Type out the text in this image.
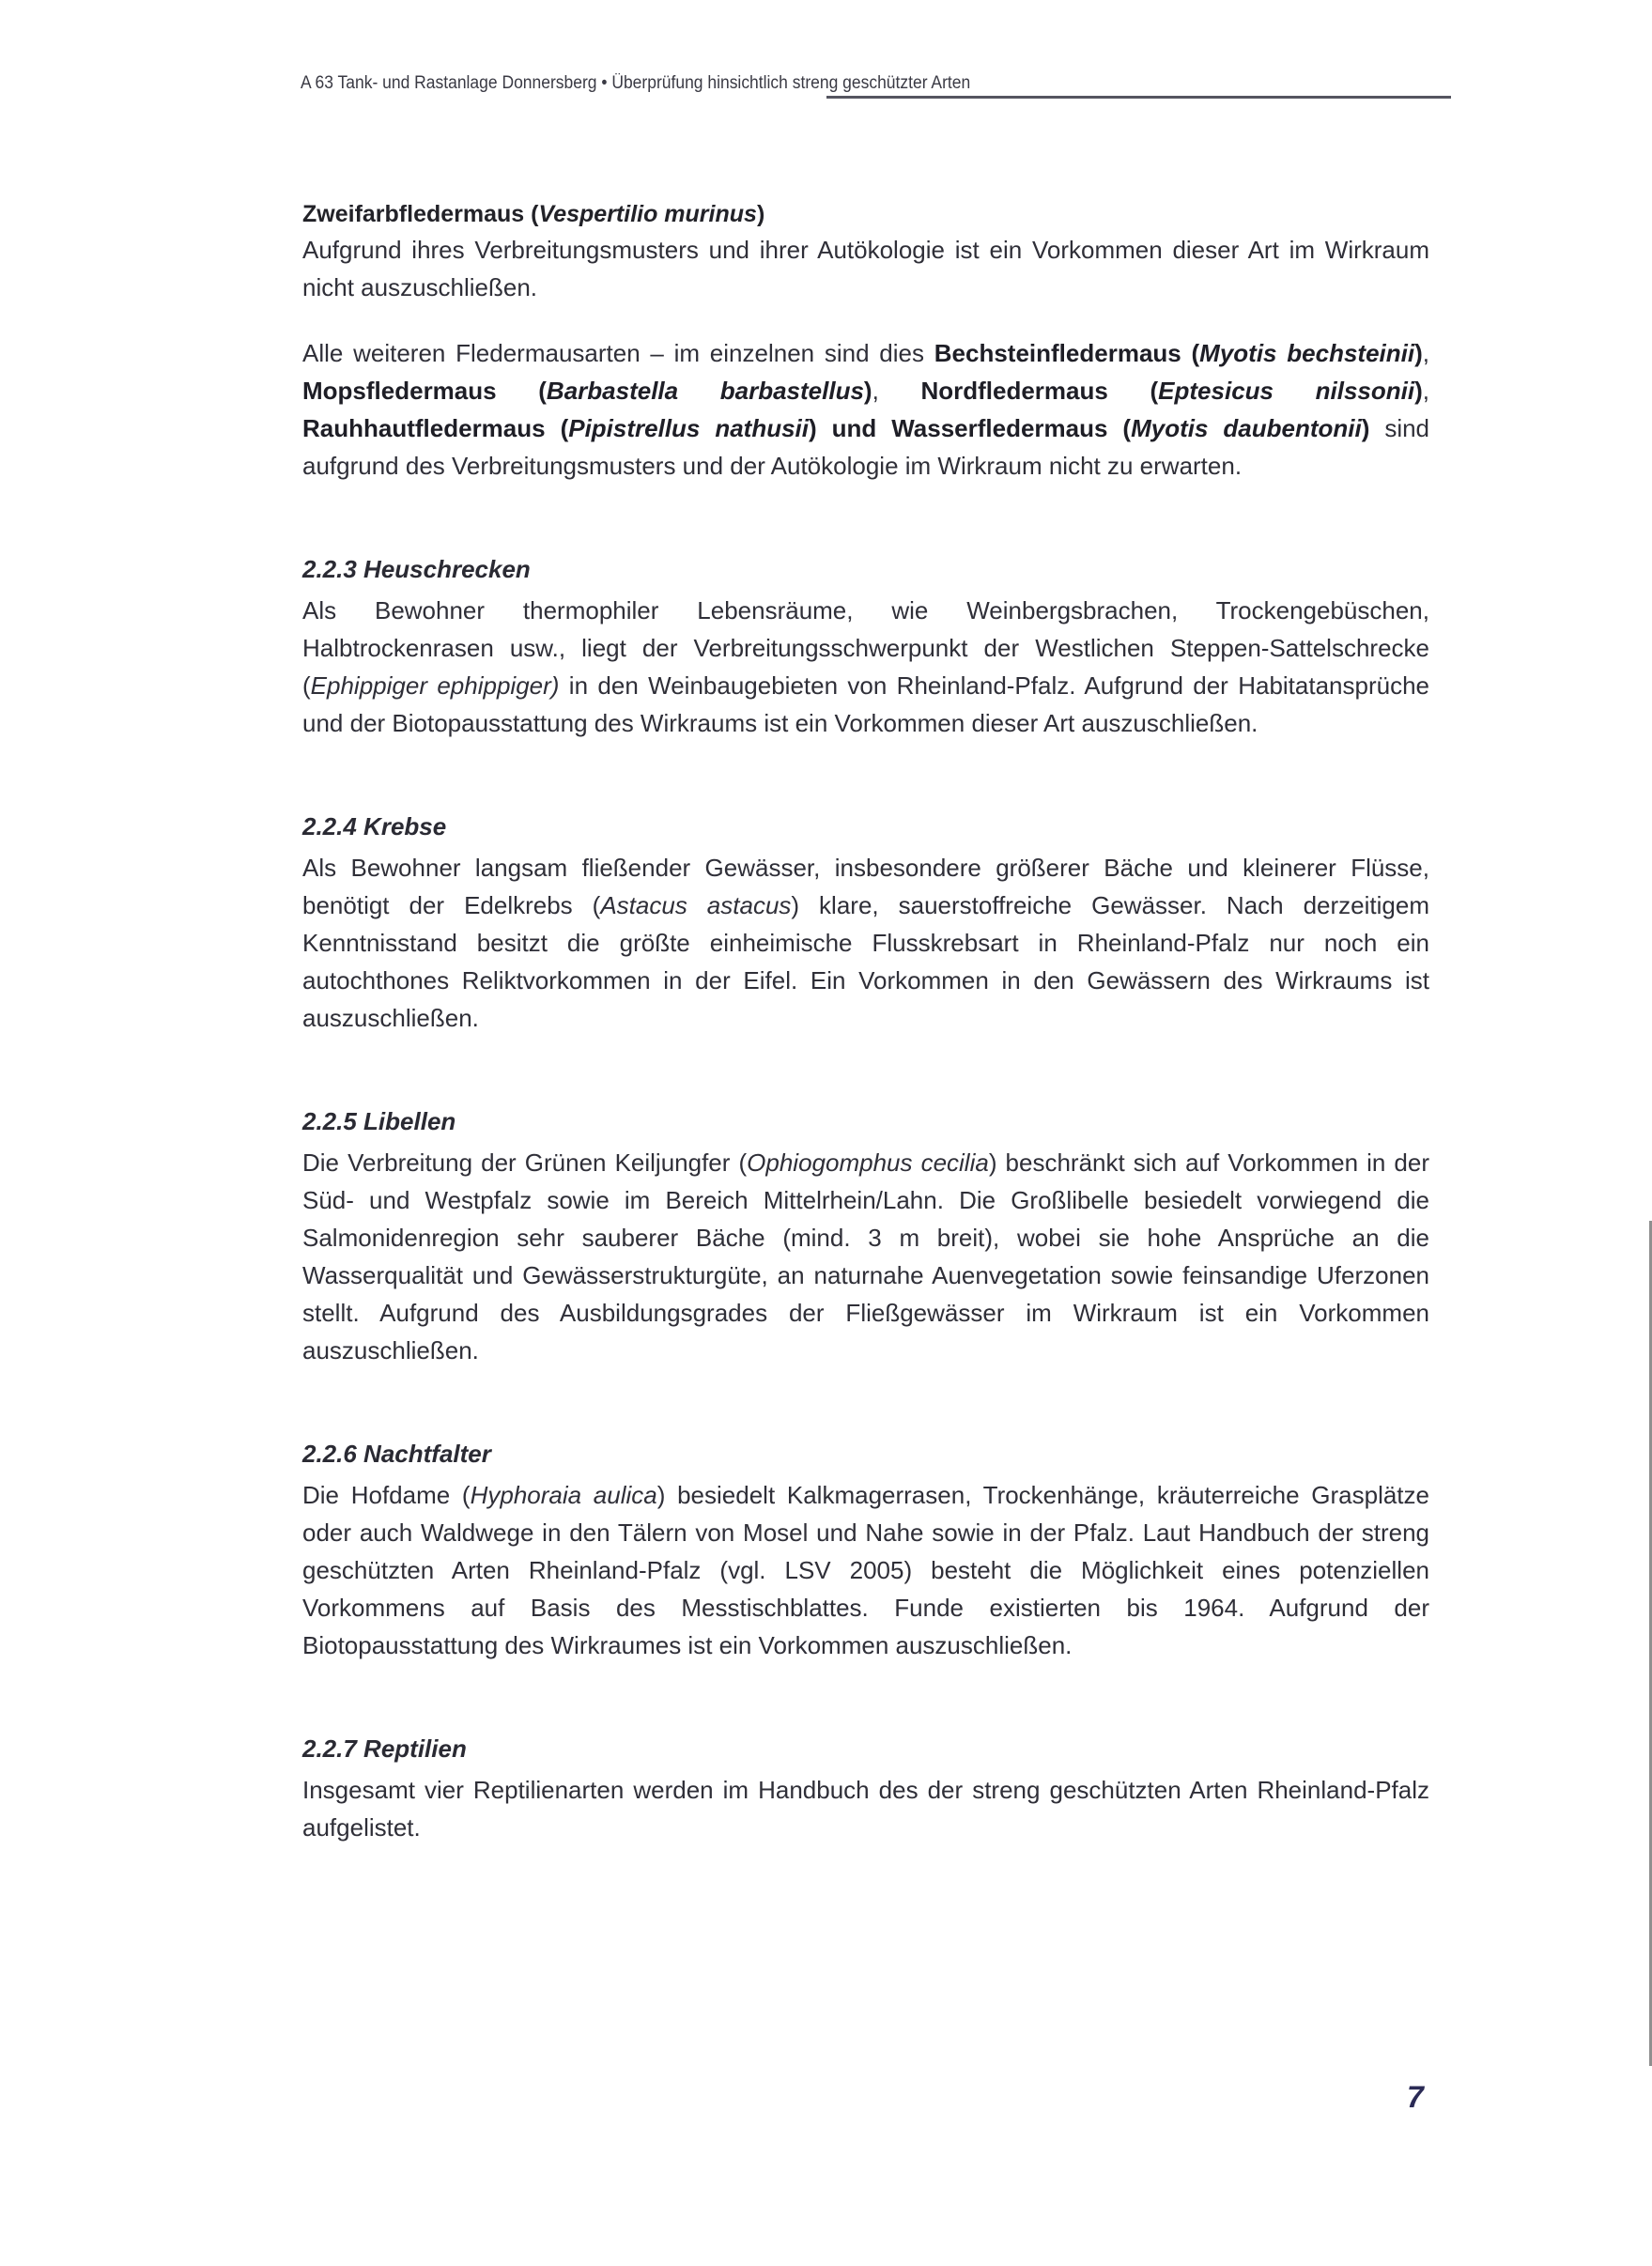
A 63 Tank- und Rastanlage Donnersberg • Überprüfung hinsichtlich streng geschützter Arten
Zweifarbfledermaus (Vespertilio murinus)

Aufgrund ihres Verbreitungsmusters und ihrer Autökologie ist ein Vorkommen dieser Art im Wirkraum nicht auszuschließen.

Alle weiteren Fledermausarten – im einzelnen sind dies Bechsteinfledermaus (Myotis bechsteinii), Mopsfledermaus (Barbastella barbastellus), Nordfledermaus (Eptesicus nilssonii), Rauhhautfledermaus (Pipistrellus nathusii) und Wasserfledermaus (Myotis daubentonii) sind aufgrund des Verbreitungsmusters und der Autökologie im Wirkraum nicht zu erwarten.

2.2.3 Heuschrecken

Als Bewohner thermophiler Lebensräume, wie Weinbergsbrachen, Trockengebüschen, Halbtrockenrasen usw., liegt der Verbreitungsschwerpunkt der Westlichen Steppen-Sattelschrecke (Ephippiger ephippiger) in den Weinbaugebieten von Rheinland-Pfalz. Aufgrund der Habitatansprüche und der Biotopausstattung des Wirkraums ist ein Vorkommen dieser Art auszuschließen.

2.2.4 Krebse

Als Bewohner langsam fließender Gewässer, insbesondere größerer Bäche und kleinerer Flüsse, benötigt der Edelkrebs (Astacus astacus) klare, sauerstoffreiche Gewässer. Nach derzeitigem Kenntnisstand besitzt die größte einheimische Flusskrebsart in Rheinland-Pfalz nur noch ein autochthones Reliktvorkommen in der Eifel. Ein Vorkommen in den Gewässern des Wirkraums ist auszuschließen.

2.2.5 Libellen

Die Verbreitung der Grünen Keiljungfer (Ophiogomphus cecilia) beschränkt sich auf Vorkommen in der Süd- und Westpfalz sowie im Bereich Mittelrhein/Lahn. Die Großlibelle besiedelt vorwiegend die Salmonidenregion sehr sauberer Bäche (mind. 3 m breit), wobei sie hohe Ansprüche an die Wasserqualität und Gewässerstrukturgüte, an naturnahe Auenvegetation sowie feinsandige Uferzonen stellt. Aufgrund des Ausbildungsgrades der Fließgewässer im Wirkraum ist ein Vorkommen auszuschließen.

2.2.6 Nachtfalter

Die Hofdame (Hyphoraia aulica) besiedelt Kalkmagerrasen, Trockenhänge, kräuterreiche Grasplätze oder auch Waldwege in den Tälern von Mosel und Nahe sowie in der Pfalz. Laut Handbuch der streng geschützten Arten Rheinland-Pfalz (vgl. LSV 2005) besteht die Möglichkeit eines potenziellen Vorkommens auf Basis des Messtischblattes. Funde existierten bis 1964. Aufgrund der Biotopausstattung des Wirkraumes ist ein Vorkommen auszuschließen.

2.2.7 Reptilien

Insgesamt vier Reptilienarten werden im Handbuch des der streng geschützten Arten Rheinland-Pfalz aufgelistet.

7
